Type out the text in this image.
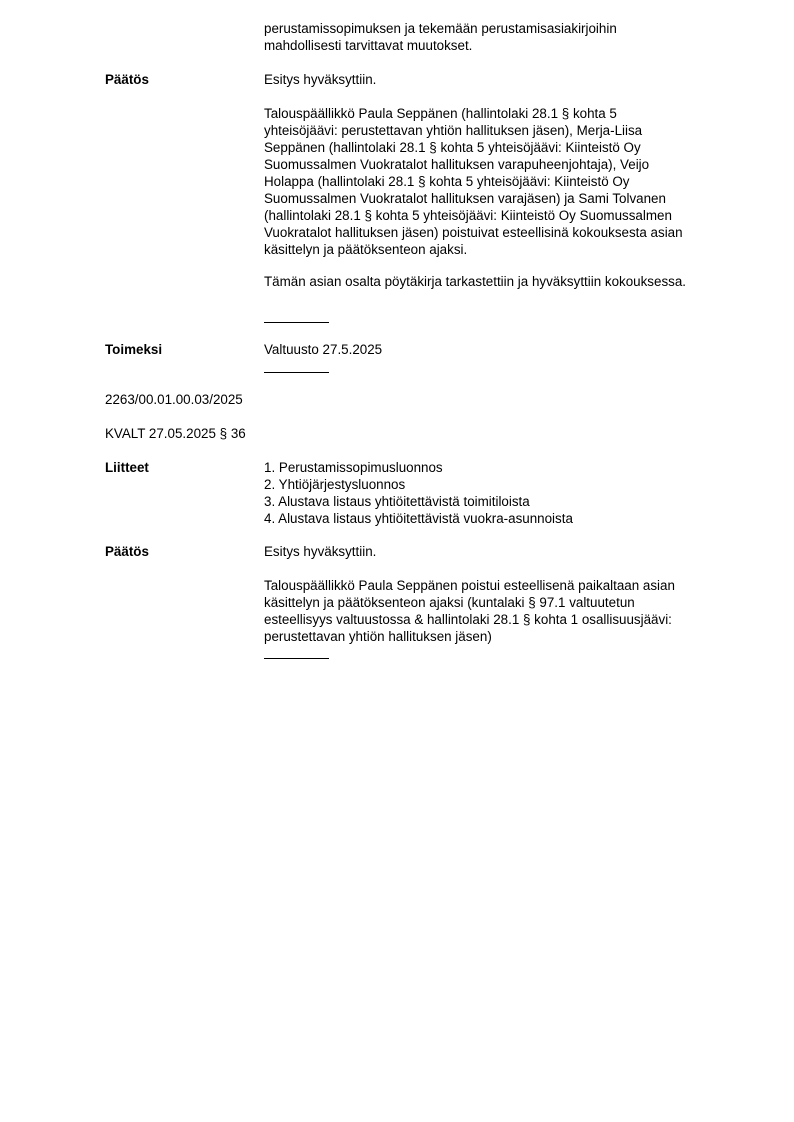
perustamissopimuksen ja tekemään perustamisasiakirjoihin
mahdollisesti tarvittavat muutokset.
Päätös	Esitys hyväksyttiin.
Talouspäällikkö Paula Seppänen (hallintolaki 28.1 § kohta 5
yhteisöjäävi: perustettavan yhtiön hallituksen jäsen), Merja-Liisa
Seppänen (hallintolaki 28.1 § kohta 5 yhteisöjäävi: Kiinteistö Oy
Suomussalmen Vuokratalot hallituksen varapuheenjohtaja), Veijo
Holappa (hallintolaki 28.1 § kohta 5 yhteisöjäävi: Kiinteistö Oy
Suomussalmen Vuokratalot hallituksen varajäsen) ja Sami Tolvanen
(hallintolaki 28.1 § kohta 5 yhteisöjäävi: Kiinteistö Oy Suomussalmen
Vuokratalot hallituksen jäsen) poistuivat esteellisinä kokouksesta asian
käsittelyn ja päätöksenteon ajaksi.
Tämän asian osalta pöytäkirja tarkastettiin ja hyväksyttiin kokouksessa.
Toimeksi	Valtuusto 27.5.2025
2263/00.01.00.03/2025
KVALT 27.05.2025 § 36
Liitteet	1. Perustamissopimusluonnos
2. Yhtiöjärjestysluonnos
3. Alustava listaus yhtiöitettävistä toimitiloista
4. Alustava listaus yhtiöitettävistä vuokra-asunnoista
Päätös	Esitys hyväksyttiin.
Talouspäällikkö Paula Seppänen poistui esteellisenä paikaltaan asian
käsittelyn ja päätöksenteon ajaksi (kuntalaki § 97.1 valtuutetun
esteellisyys valtuustossa & hallintolaki 28.1 § kohta 1 osallisuusjäävi:
perustettavan yhtiön hallituksen jäsen)
